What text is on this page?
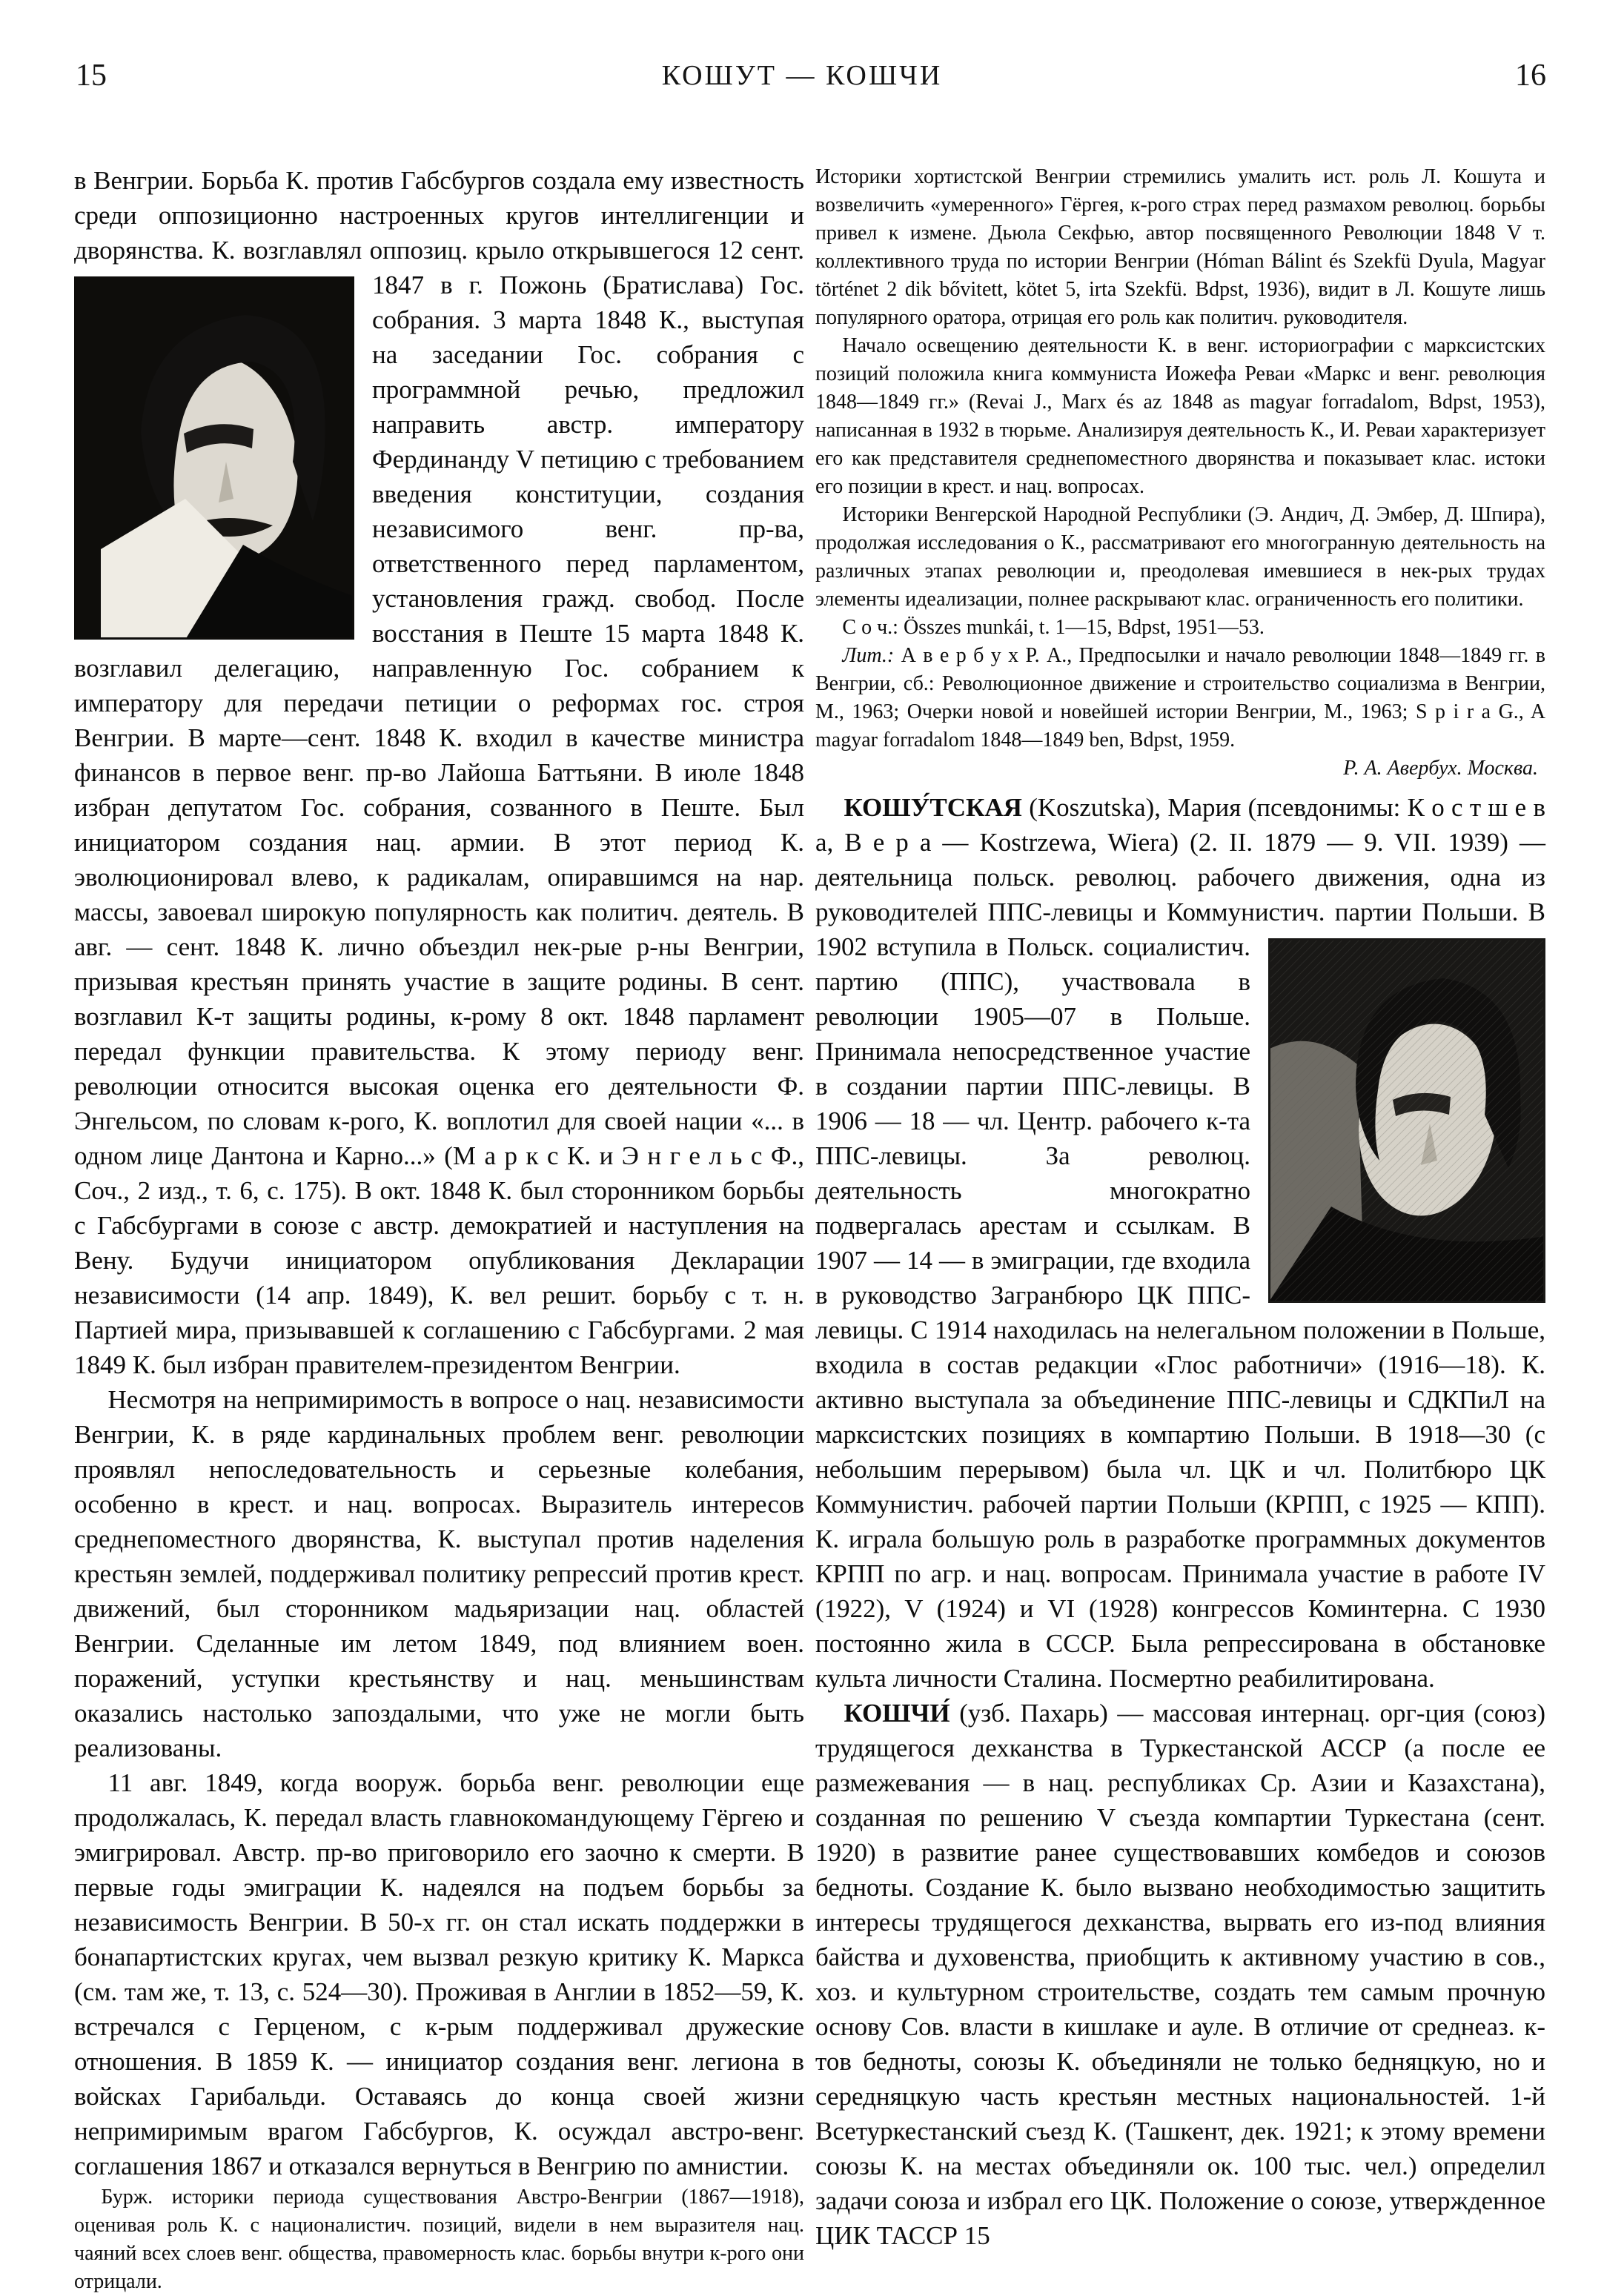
15	КОШУТ — КОШЧИ	16

в Венгрии. Борьба К. против Габсбургов создала ему известность среди оппозиционно настроенных кругов интеллигенции и дворянства. К. возглавлял оппозиц. крыло открывшегося 12 сент. 1847 в г. Пожонь (Братислава) Гос. собрания. 3 марта 1848 К., выступая на заседании Гос. собрания с программной речью, предложил направить австр. императору Фердинанду V петицию с требованием введения конституции, создания независимого венг. пр-ва, ответственного перед парламентом, установления гражд. свобод. После восстания в Пеште 15 марта 1848 К. возглавил делегацию, направленную Гос. собранием к императору для передачи петиции о реформах гос. строя Венгрии. В марте—сент. 1848 К. входил в качестве министра финансов в первое венг. пр-во Лайоша Баттьяни. В июле 1848 избран депутатом Гос. собрания, созванного в Пеште. Был инициатором создания нац. армии. В этот период К. эволюционировал влево, к радикалам, опиравшимся на нар. массы, завоевал широкую популярность как политич. деятель. В авг. — сент. 1848 К. лично объездил нек-рые р-ны Венгрии, призывая крестьян принять участие в защите родины. В сент. возглавил К-т защиты родины, к-рому 8 окт. 1848 парламент передал функции правительства. К этому периоду венг. революции относится высокая оценка его деятельности Ф. Энгельсом, по словам к-рого, К. воплотил для своей нации «... в одном лице Дантона и Карно...» (М а р к с К. и Э н г е л ь с Ф., Соч., 2 изд., т. 6, с. 175). В окт. 1848 К. был сторонником борьбы с Габсбургами в союзе с австр. демократией и наступления на Вену. Будучи инициатором опубликования Декларации независимости (14 апр. 1849), К. вел решит. борьбу с т. н. Партией мира, призывавшей к соглашению с Габсбургами. 2 мая 1849 К. был избран правителем-президентом Венгрии.

Несмотря на непримиримость в вопросе о нац. независимости Венгрии, К. в ряде кардинальных проблем венг. революции проявлял непоследовательность и серьезные колебания, особенно в крест. и нац. вопросах. Выразитель интересов среднепоместного дворянства, К. выступал против наделения крестьян землей, поддерживал политику репрессий против крест. движений, был сторонником мадьяризации нац. областей Венгрии. Сделанные им летом 1849, под влиянием воен. поражений, уступки крестьянству и нац. меньшинствам оказались настолько запоздалыми, что уже не могли быть реализованы.

11 авг. 1849, когда вооруж. борьба венг. революции еще продолжалась, К. передал власть главнокомандующему Гёргею и эмигрировал. Австр. пр-во приговорило его заочно к смерти. В первые годы эмиграции К. надеялся на подъем борьбы за независимость Венгрии. В 50-х гг. он стал искать поддержки в бонапартистских кругах, чем вызвал резкую критику К. Маркса (см. там же, т. 13, с. 524—30). Проживая в Англии в 1852—59, К. встречался с Герценом, с к-рым поддерживал дружеские отношения. В 1859 К. — инициатор создания венг. легиона в войсках Гарибальди. Оставаясь до конца своей жизни непримиримым врагом Габсбургов, К. осуждал австро-венг. соглашения 1867 и отказался вернуться в Венгрию по амнистии.

Бурж. историки периода существования Австро-Венгрии (1867—1918), оценивая роль К. с националистич. позиций, видели в нем выразителя нац. чаяний всех слоев венг. общества, правомерность клас. борьбы внутри к-рого они отрицали.

Историки хортистской Венгрии стремились умалить ист. роль Л. Кошута и возвеличить «умеренного» Гёргея, к-рого страх перед размахом революц. борьбы привел к измене. Дьюла Секфью, автор посвященного Революции 1848 V т. коллективного труда по истории Венгрии (Hóman Bálint és Szekfü Dyula, Magyar történet 2 dik bővitett, kötet 5, irta Szekfü. Bdpst, 1936), видит в Л. Кошуте лишь популярного оратора, отрицая его роль как политич. руководителя.

Начало освещению деятельности К. в венг. историографии с марксистских позиций положила книга коммуниста Иожефа Реваи «Маркс и венг. революция 1848—1849 гг.» (Revai J., Marx és az 1848 as magyar forradalom, Bdpst, 1953), написанная в 1932 в тюрьме. Анализируя деятельность К., И. Реваи характеризует его как представителя среднепоместного дворянства и показывает клас. истоки его позиции в крест. и нац. вопросах.

Историки Венгерской Народной Республики (Э. Андич, Д. Эмбер, Д. Шпира), продолжая исследования о К., рассматривают его многогранную деятельность на различных этапах революции и, преодолевая имевшиеся в нек-рых трудах элементы идеализации, полнее раскрывают клас. ограниченность его политики.

С о ч.: Összes munkái, t. 1—15, Bdpst, 1951—53.

Лит.: А в е р б у х Р. А., Предпосылки и начало революции 1848—1849 гг. в Венгрии, сб.: Революционное движение и строительство социализма в Венгрии, М., 1963; Очерки новой и новейшей истории Венгрии, М., 1963; S p i r a G., A magyar forradalom 1848—1849 ben, Bdpst, 1959.

Р. А. Авербух. Москва.

КОШУ́ТСКАЯ (Koszutska), Мария (псевдонимы: К о с т ш е в а, В е р а — Kostrzewa, Wiera) (2. II. 1879 — 9. VII. 1939) — деятельница польск. революц. рабочего движения, одна из руководителей ППС-левицы и Коммунистич. партии Польши. В 1902 вступила в Польск. социалистич. партию (ППС), участвовала в революции 1905—07 в Польше. Принимала непосредственное участие в создании партии ППС-левицы. В 1906 — 18 — чл. Центр. рабочего к-та ППС-левицы. За революц. деятельность многократно подвергалась арестам и ссылкам. В 1907 — 14 — в эмиграции, где входила в руководство Загранбюро ЦК ППС-левицы. С 1914 находилась на нелегальном положении в Польше, входила в состав редакции «Глос работничи» (1916—18). К. активно выступала за объединение ППС-левицы и СДКПиЛ на марксистских позициях в компартию Польши. В 1918—30 (с небольшим перерывом) была чл. ЦК и чл. Политбюро ЦК Коммунистич. рабочей партии Польши (КРПП, с 1925 — КПП). К. играла большую роль в разработке программных документов КРПП по агр. и нац. вопросам. Принимала участие в работе IV (1922), V (1924) и VI (1928) конгрессов Коминтерна. С 1930 постоянно жила в СССР. Была репрессирована в обстановке культа личности Сталина. Посмертно реабилитирована.

КОШЧИ́ (узб. Пахарь) — массовая интернац. орг-ция (союз) трудящегося дехканства в Туркестанской АССР (а после ее размежевания — в нац. республиках Ср. Азии и Казахстана), созданная по решению V съезда компартии Туркестана (сент. 1920) в развитие ранее существовавших комбедов и союзов бедноты. Создание К. было вызвано необходимостью защитить интересы трудящегося дехканства, вырвать его из-под влияния байства и духовенства, приобщить к активному участию в сов., хоз. и культурном строительстве, создать тем самым прочную основу Сов. власти в кишлаке и ауле. В отличие от среднеаз. к-тов бедноты, союзы К. объединяли не только бедняцкую, но и середняцкую часть крестьян местных национальностей. 1-й Всетуркестанский съезд К. (Ташкент, дек. 1921; к этому времени союзы К. на местах объединяли ок. 100 тыс. чел.) определил задачи союза и избрал его ЦК. Положение о союзе, утвержденное ЦИК ТАССР 15
